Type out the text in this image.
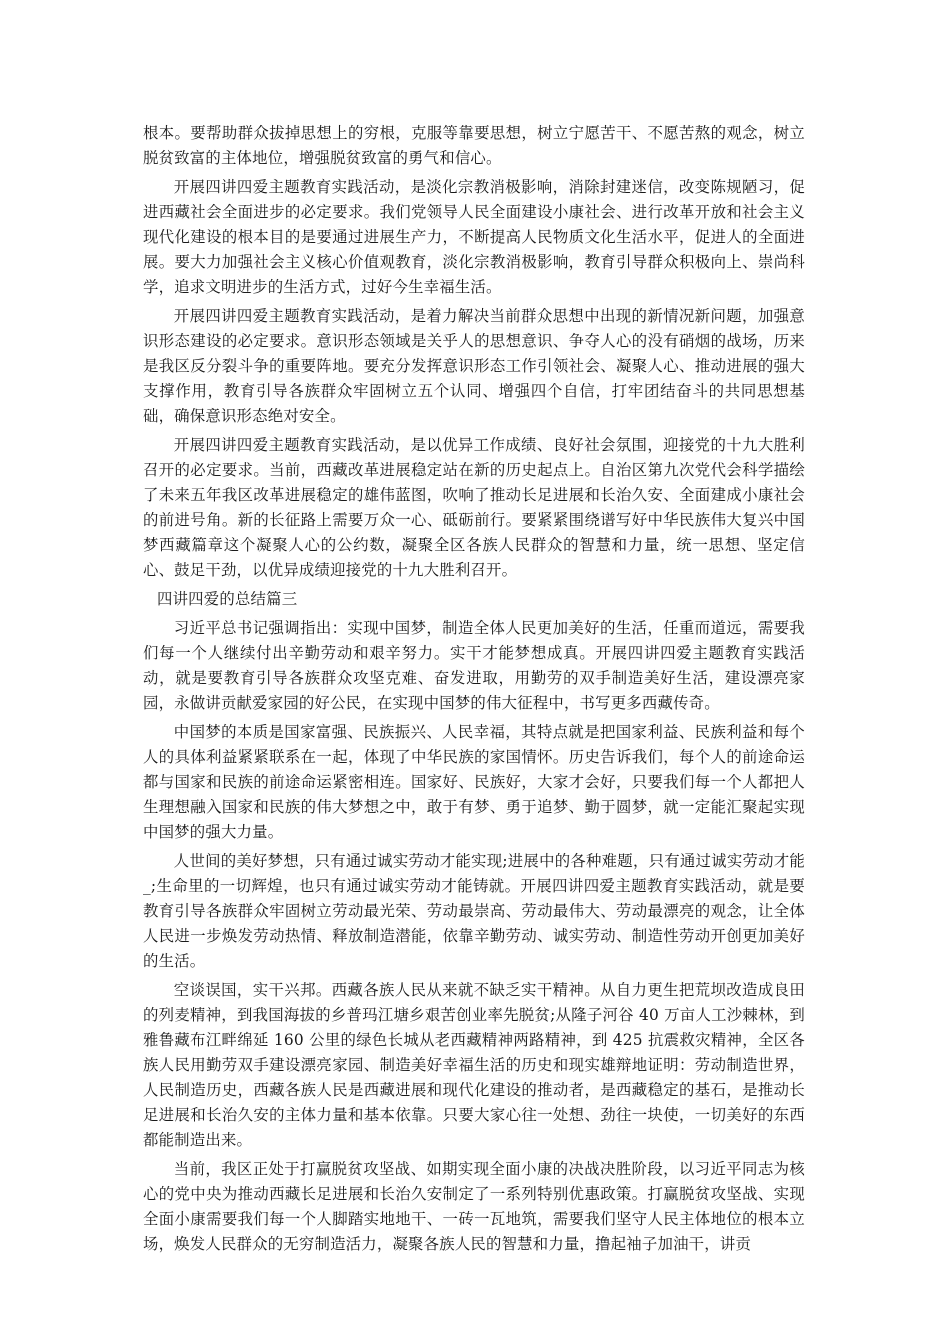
根本。要帮助群众拔掉思想上的穷根，克服等靠要思想，树立宁愿苦干、不愿苦熬的观念，树立脱贫致富的主体地位，增强脱贫致富的勇气和信心。

开展四讲四爱主题教育实践活动，是淡化宗教消极影响，消除封建迷信，改变陈规陋习，促进西藏社会全面进步的必定要求。我们党领导人民全面建设小康社会、进行改革开放和社会主义现代化建设的根本目的是要通过进展生产力，不断提高人民物质文化生活水平，促进人的全面进展。要大力加强社会主义核心价值观教育，淡化宗教消极影响，教育引导群众积极向上、崇尚科学，追求文明进步的生活方式，过好今生幸福生活。

开展四讲四爱主题教育实践活动，是着力解决当前群众思想中出现的新情况新问题，加强意识形态建设的必定要求。意识形态领域是关乎人的思想意识、争夺人心的没有硝烟的战场，历来是我区反分裂斗争的重要阵地。要充分发挥意识形态工作引领社会、凝聚人心、推动进展的强大支撑作用，教育引导各族群众牢固树立五个认同、增强四个自信，打牢团结奋斗的共同思想基础，确保意识形态绝对安全。

开展四讲四爱主题教育实践活动，是以优异工作成绩、良好社会氛围，迎接党的十九大胜利召开的必定要求。当前，西藏改革进展稳定站在新的历史起点上。自治区第九次党代会科学描绘了未来五年我区改革进展稳定的雄伟蓝图，吹响了推动长足进展和长治久安、全面建成小康社会的前进号角。新的长征路上需要万众一心、砥砺前行。要紧紧围绕谱写好中华民族伟大复兴中国梦西藏篇章这个凝聚人心的公约数，凝聚全区各族人民群众的智慧和力量，统一思想、坚定信心、鼓足干劲，以优异成绩迎接党的十九大胜利召开。

四讲四爱的总结篇三

习近平总书记强调指出：实现中国梦，制造全体人民更加美好的生活，任重而道远，需要我们每一个人继续付出辛勤劳动和艰辛努力。实干才能梦想成真。开展四讲四爱主题教育实践活动，就是要教育引导各族群众攻坚克难、奋发进取，用勤劳的双手制造美好生活，建设漂亮家园，永做讲贡献爱家园的好公民，在实现中国梦的伟大征程中，书写更多西藏传奇。

中国梦的本质是国家富强、民族振兴、人民幸福，其特点就是把国家利益、民族利益和每个人的具体利益紧紧联系在一起，体现了中华民族的家国情怀。历史告诉我们，每个人的前途命运都与国家和民族的前途命运紧密相连。国家好、民族好，大家才会好，只要我们每一个人都把人生理想融入国家和民族的伟大梦想之中，敢于有梦、勇于追梦、勤于圆梦，就一定能汇聚起实现中国梦的强大力量。

人世间的美好梦想，只有通过诚实劳动才能实现;进展中的各种难题，只有通过诚实劳动才能_;生命里的一切辉煌，也只有通过诚实劳动才能铸就。开展四讲四爱主题教育实践活动，就是要教育引导各族群众牢固树立劳动最光荣、劳动最崇高、劳动最伟大、劳动最漂亮的观念，让全体人民进一步焕发劳动热情、释放制造潜能，依靠辛勤劳动、诚实劳动、制造性劳动开创更加美好的生活。

空谈误国，实干兴邦。西藏各族人民从来就不缺乏实干精神。从自力更生把荒坝改造成良田的列麦精神，到我国海拔的乡普玛江塘乡艰苦创业率先脱贫;从隆子河谷 40 万亩人工沙棘林，到雅鲁藏布江畔绵延 160 公里的绿色长城从老西藏精神两路精神，到 425 抗震救灾精神，全区各族人民用勤劳双手建设漂亮家园、制造美好幸福生活的历史和现实雄辩地证明：劳动制造世界，人民制造历史，西藏各族人民是西藏进展和现代化建设的推动者，是西藏稳定的基石，是推动长足进展和长治久安的主体力量和基本依靠。只要大家心往一处想、劲往一块使，一切美好的东西都能制造出来。

当前，我区正处于打赢脱贫攻坚战、如期实现全面小康的决战决胜阶段，以习近平同志为核心的党中央为推动西藏长足进展和长治久安制定了一系列特别优惠政策。打赢脱贫攻坚战、实现全面小康需要我们每一个人脚踏实地地干、一砖一瓦地筑，需要我们坚守人民主体地位的根本立场，焕发人民群众的无穷制造活力，凝聚各族人民的智慧和力量，撸起袖子加油干，讲贡
